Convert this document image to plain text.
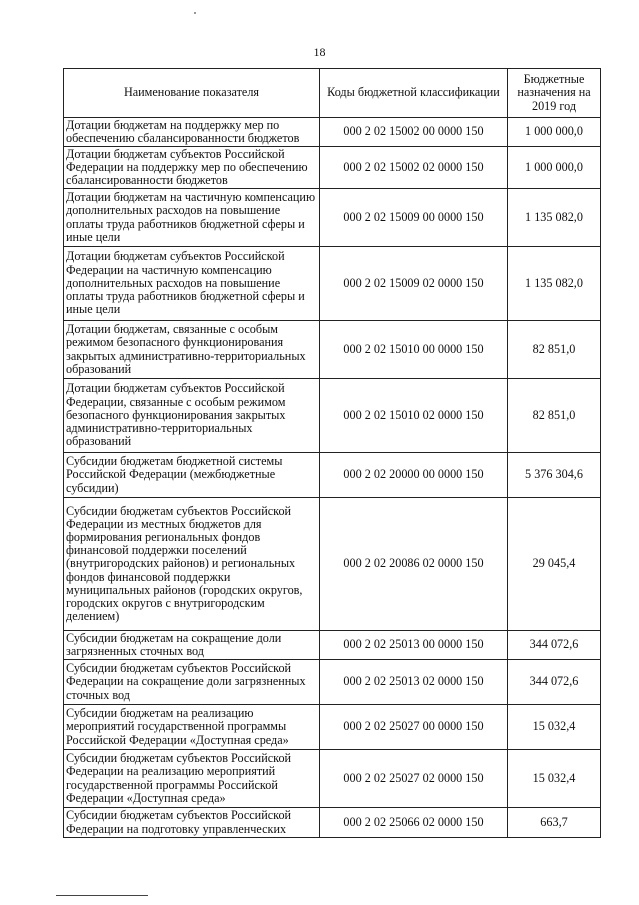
18
Наименование показателя	Коды бюджетной классификации	Бюджетные назначения на 2019 год
Дотации бюджетам на поддержку мер по обеспечению сбалансированности бюджетов	000 2 02 15002 00 0000 150	1 000 000,0
Дотации бюджетам субъектов Российской Федерации на поддержку мер по обеспечению сбалансированности бюджетов	000 2 02 15002 02 0000 150	1 000 000,0
Дотации бюджетам на частичную компенсацию дополнительных расходов на повышение оплаты труда работников бюджетной сферы и иные цели	000 2 02 15009 00 0000 150	1 135 082,0
Дотации бюджетам субъектов Российской Федерации на частичную компенсацию дополнительных расходов на повышение оплаты труда работников бюджетной сферы и иные цели	000 2 02 15009 02 0000 150	1 135 082,0
Дотации бюджетам, связанные с особым режимом безопасного функционирования закрытых административно-территориальных образований	000 2 02 15010 00 0000 150	82 851,0
Дотации бюджетам субъектов Российской Федерации, связанные с особым режимом безопасного функционирования закрытых административно-территориальных образований	000 2 02 15010 02 0000 150	82 851,0
Субсидии бюджетам бюджетной системы Российской Федерации (межбюджетные субсидии)	000 2 02 20000 00 0000 150	5 376 304,6
Субсидии бюджетам субъектов Российской Федерации из местных бюджетов для формирования региональных фондов финансовой поддержки поселений (внутригородских районов) и региональных фондов финансовой поддержки муниципальных районов (городских округов, городских округов с внутригородским делением)	000 2 02 20086 02 0000 150	29 045,4
Субсидии бюджетам на сокращение доли загрязненных сточных вод	000 2 02 25013 00 0000 150	344 072,6
Субсидии бюджетам субъектов Российской Федерации на сокращение доли загрязненных сточных вод	000 2 02 25013 02 0000 150	344 072,6
Субсидии бюджетам на реализацию мероприятий государственной программы Российской Федерации «Доступная среда»	000 2 02 25027 00 0000 150	15 032,4
Субсидии бюджетам субъектов Российской Федерации на реализацию мероприятий государственной программы Российской Федерации «Доступная среда»	000 2 02 25027 02 0000 150	15 032,4
Субсидии бюджетам субъектов Российской Федерации на подготовку управленческих	000 2 02 25066 02 0000 150	663,7
